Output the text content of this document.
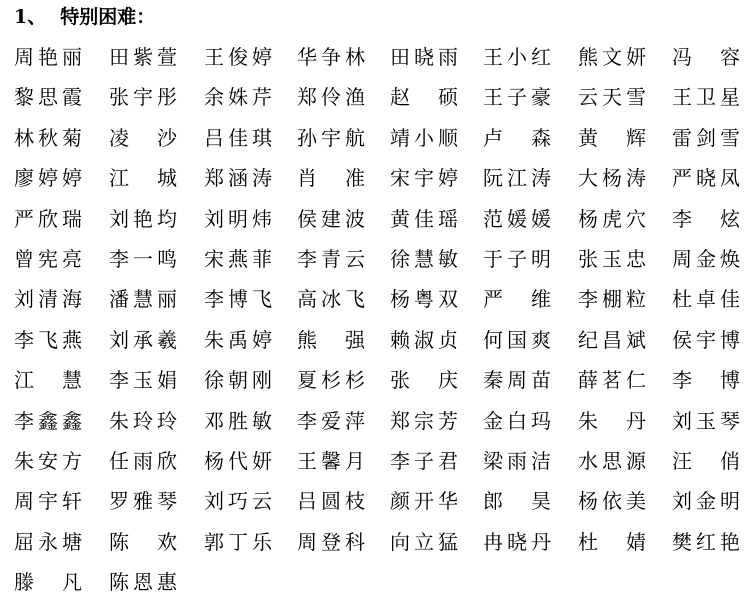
1、 特别困难：
周艳丽 田紫萱 王俊婷 华争林 田晓雨 王小红 熊文妍 冯　容
黎思霞 张宇彤 余姝芹 郑伶渔 赵　硕 王子豪 云天雪 王卫星
林秋菊 凌　沙 吕佳琪 孙宇航 靖小顺 卢　森 黄　辉 雷剑雪
廖婷婷 江　城 郑涵涛 肖　准 宋宇婷 阮江涛 大杨涛 严晓凤
严欣瑞 刘艳均 刘明炜 侯建波 黄佳瑶 范媛媛 杨虎穴 李　炫
曾宪亮 李一鸣 宋燕菲 李青云 徐慧敏 于子明 张玉忠 周金焕
刘清海 潘慧丽 李博飞 高冰飞 杨粤双 严　维 李棚粒 杜卓佳
李飞燕 刘承羲 朱禹婷 熊　强 赖淑贞 何国爽 纪昌斌 侯宇博
江　慧 李玉娟 徐朝刚 夏杉杉 张　庆 秦周苗 薛茗仁 李　博
李鑫鑫 朱玲玲 邓胜敏 李爱萍 郑宗芳 金白玛 朱　丹 刘玉琴
朱安方 任雨欣 杨代妍 王馨月 李子君 梁雨洁 水思源 汪　俏
周宇轩 罗雅琴 刘巧云 吕圆枝 颜开华 郎　昊 杨依美 刘金明
屈永塘 陈　欢 郭丁乐 周登科 向立猛 冉晓丹 杜　婧 樊红艳
滕　凡 陈恩惠
